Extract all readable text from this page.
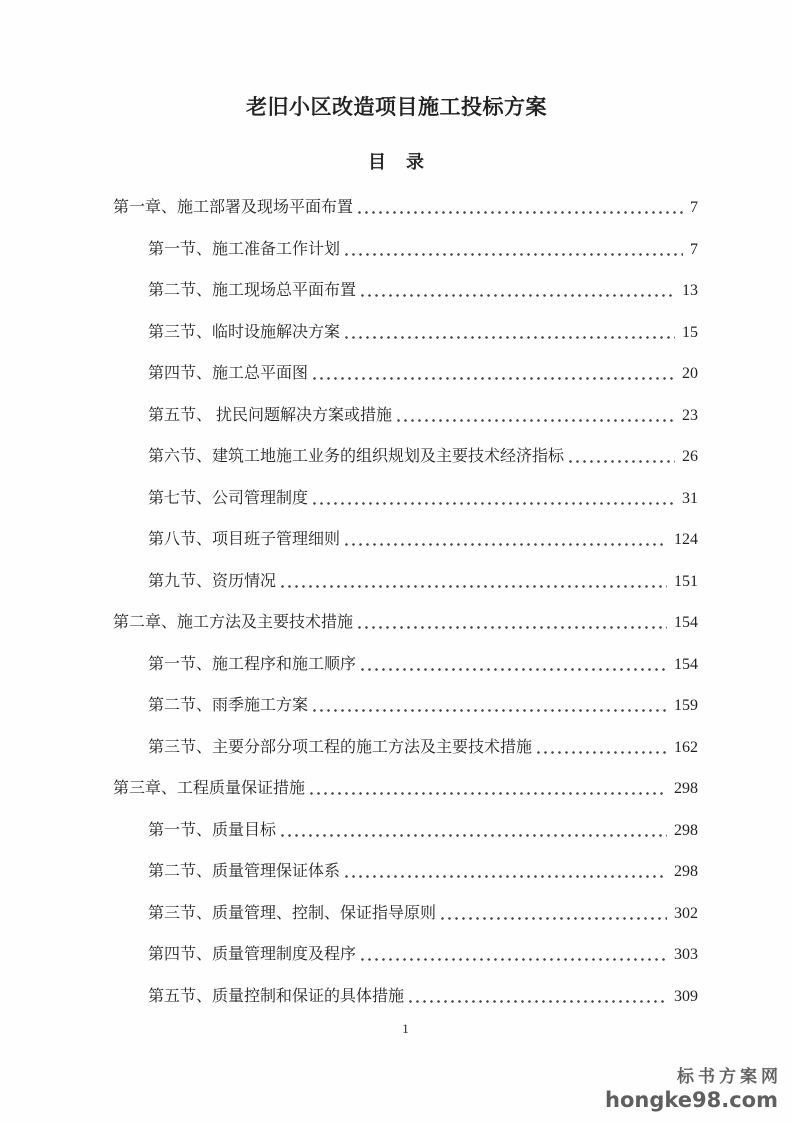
老旧小区改造项目施工投标方案
目　录
第一章、施工部署及现场平面布置	7
第一节、施工准备工作计划	7
第二节、施工现场总平面布置	13
第三节、临时设施解决方案	15
第四节、施工总平面图	20
第五节、 扰民问题解决方案或措施	23
第六节、建筑工地施工业务的组织规划及主要技术经济指标	26
第七节、公司管理制度	31
第八节、项目班子管理细则	124
第九节、资历情况	151
第二章、施工方法及主要技术措施	154
第一节、施工程序和施工顺序	154
第二节、雨季施工方案	159
第三节、主要分部分项工程的施工方法及主要技术措施	162
第三章、工程质量保证措施	298
第一节、质量目标	298
第二节、质量管理保证体系	298
第三节、质量管理、控制、保证指导原则	302
第四节、质量管理制度及程序	303
第五节、质量控制和保证的具体措施	309
1
标书方案网
hongke98.com
